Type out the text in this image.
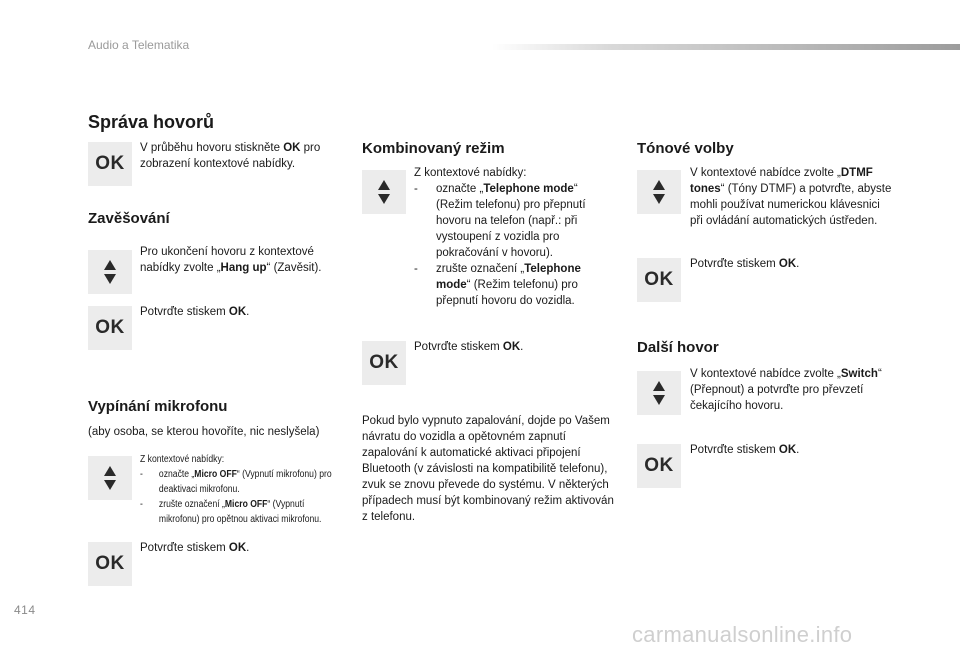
Audio a Telematika
Správa hovorů
OK
V průběhu hovoru stiskněte OK pro zobrazení kontextové nabídky.
Zavěšování
Pro ukončení hovoru z kontextové nabídky zvolte „Hang up“ (Zavěsit).
OK
Potvrďte stiskem OK.
Vypínání mikrofonu
(aby osoba, se kterou hovoříte, nic neslyšela)
Z kontextové nabídky:
- označte „Micro OFF“ (Vypnutí mikrofonu) pro deaktivaci mikrofonu.
- zrušte označení „Micro OFF“ (Vypnutí mikrofonu) pro opětnou aktivaci mikrofonu.
OK
Potvrďte stiskem OK.
Kombinovaný režim
Z kontextové nabídky:
- označte „Telephone mode“ (Režim telefonu) pro přepnutí hovoru na telefon (např.: při vystoupení z vozidla pro pokračování v hovoru).
- zrušte označení „Telephone mode“ (Režim telefonu) pro přepnutí hovoru do vozidla.
OK
Potvrďte stiskem OK.
Pokud bylo vypnuto zapalování, dojde po Vašem návratu do vozidla a opětovném zapnutí zapalování k automatické aktivaci připojení Bluetooth (v závislosti na kompatibilitě telefonu), zvuk se znovu převede do systému. V některých případech musí být kombinovaný režim aktivován z telefonu.
Tónové volby
V kontextové nabídce zvolte „DTMF tones“ (Tóny DTMF) a potvrďte, abyste mohli používat numerickou klávesnici při ovládání automatických ústředen.
OK
Potvrďte stiskem OK.
Další hovor
V kontextové nabídce zvolte „Switch“ (Přepnout) a potvrďte pro převzetí čekajícího hovoru.
OK
Potvrďte stiskem OK.
414
carmanualsonline.info
